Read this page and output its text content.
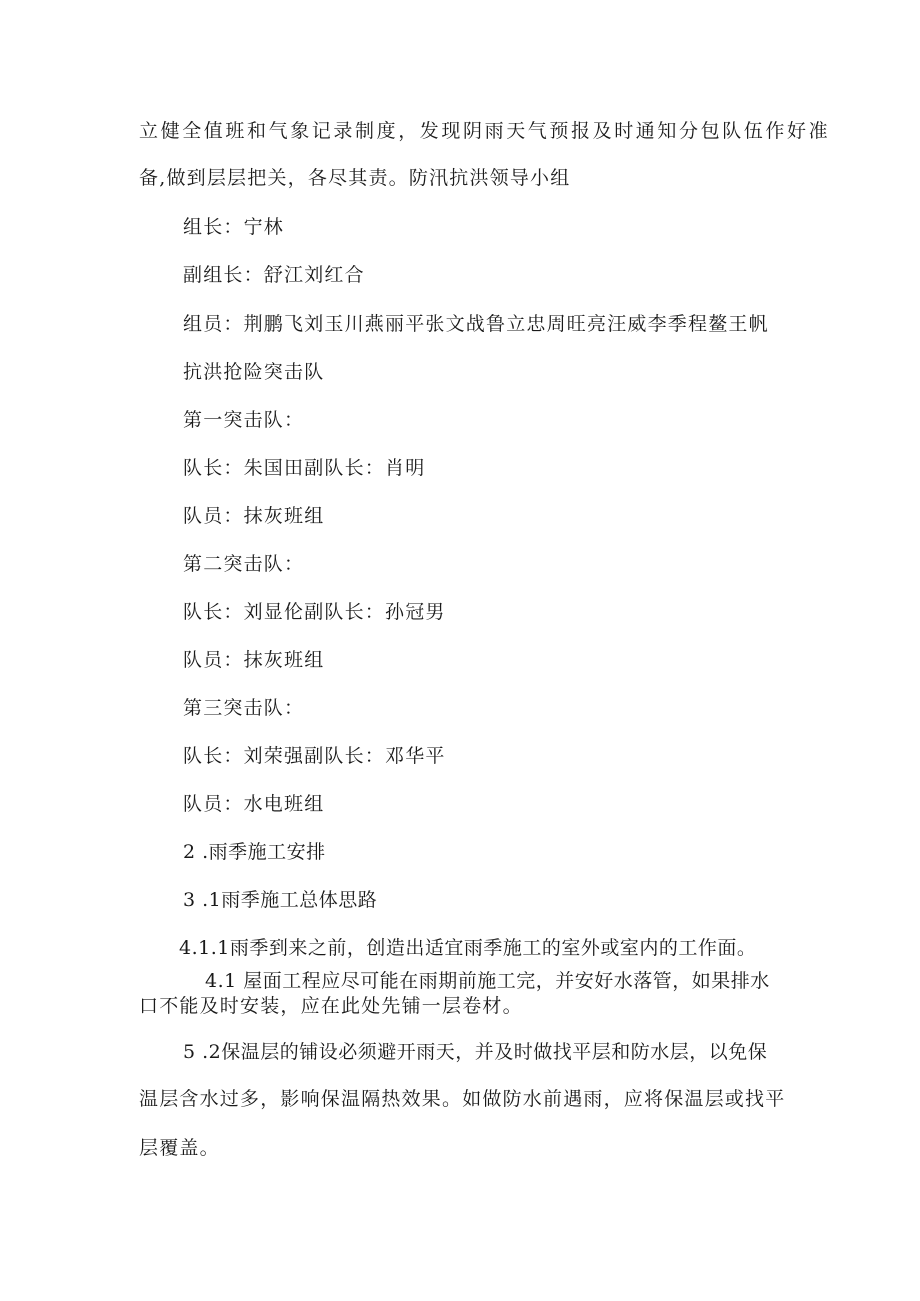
立健全值班和气象记录制度，发现阴雨天气预报及时通知分包队伍作好准
备,做到层层把关，各尽其责。防汛抗洪领导小组
组长：宁林
副组长：舒江刘红合
组员：荆鹏飞刘玉川燕丽平张文战鲁立忠周旺亮汪威李季程鳌王帆
抗洪抢险突击队
第一突击队：
队长：朱国田副队长：肖明
队员：抹灰班组
第二突击队：
队长：刘显伦副队长：孙冠男
队员：抹灰班组
第三突击队：
队长：刘荣强副队长：邓华平
队员：水电班组
2 .雨季施工安排
3 .1雨季施工总体思路
4.1.1雨季到来之前，创造出适宜雨季施工的室外或室内的工作面。
4.1 屋面工程应尽可能在雨期前施工完，并安好水落管，如果排水
口不能及时安装，应在此处先铺一层卷材。
5 .2保温层的铺设必须避开雨天，并及时做找平层和防水层，以免保
温层含水过多，影响保温隔热效果。如做防水前遇雨，应将保温层或找平
层覆盖。
